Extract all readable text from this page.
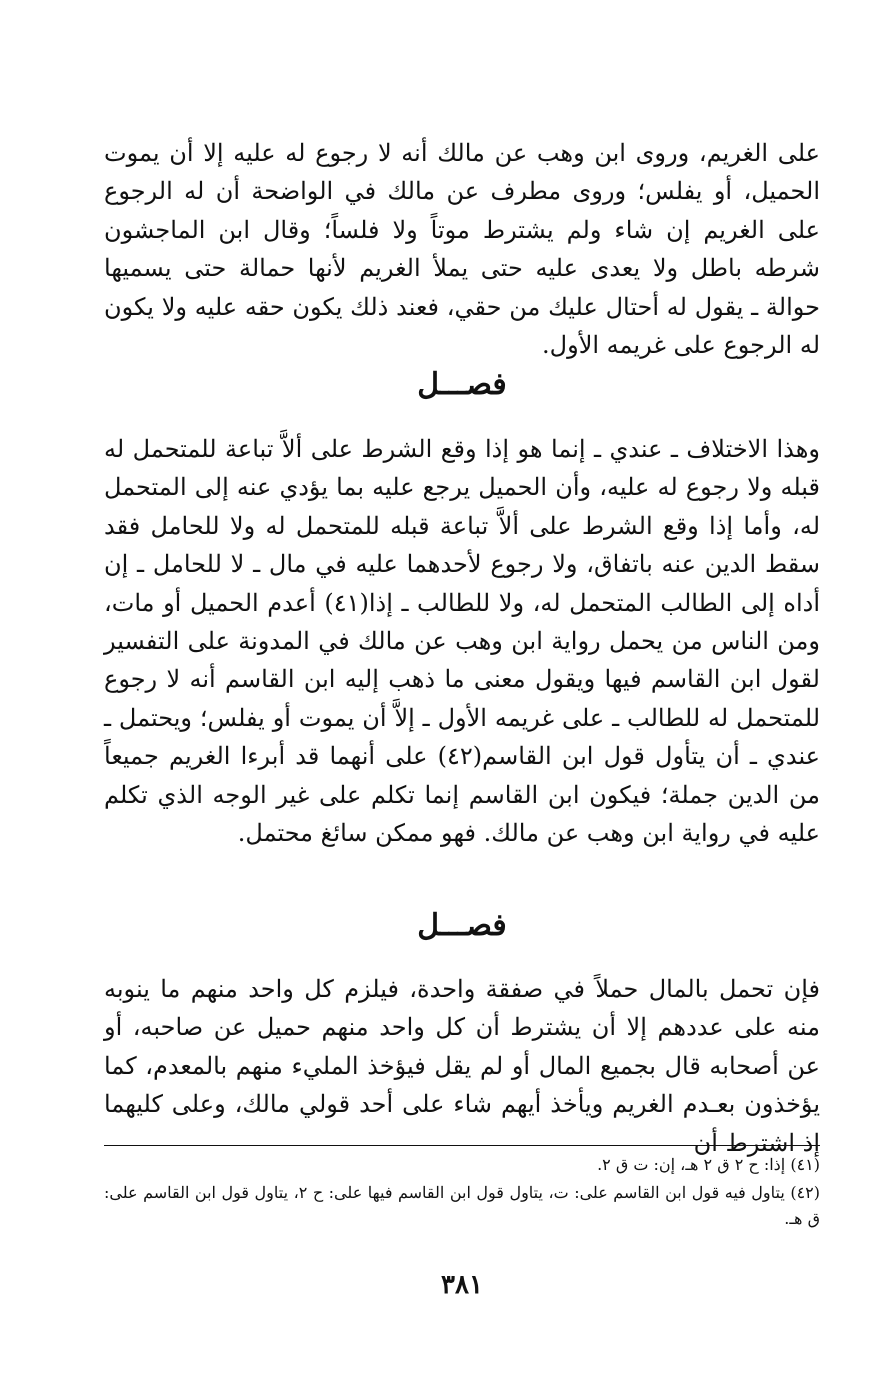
على الغريم، وروى ابن وهب عن مالك أنه لا رجوع له عليه إلا أن يموت الحميل، أو يفلس؛ وروى مطرف عن مالك في الواضحة أن له الرجوع على الغريم إن شاء ولم يشترط موتاً ولا فلساً؛ وقال ابن الماجشون شرطه باطل ولا يعدى عليه حتى يملأ الغريم لأنها حمالة حتى يسميها حوالة ـ يقول له أحتال عليك من حقي، فعند ذلك يكون حقه عليه ولا يكون له الرجوع على غريمه الأول.

فصـــل

وهذا الاختلاف ـ عندي ـ إنما هو إذا وقع الشرط على ألاَّ تباعة للمتحمل له قبله ولا رجوع له عليه، وأن الحميل يرجع عليه بما يؤدي عنه إلى المتحمل له، وأما إذا وقع الشرط على ألاَّ تباعة قبله للمتحمل له ولا للحامل فقد سقط الدين عنه باتفاق، ولا رجوع لأحدهما عليه في مال ـ لا للحامل ـ إن أداه إلى الطالب المتحمل له، ولا للطالب ـ إذا(٤١) أعدم الحميل أو مات، ومن الناس من يحمل رواية ابن وهب عن مالك في المدونة على التفسير لقول ابن القاسم فيها ويقول معنى ما ذهب إليه ابن القاسم أنه لا رجوع للمتحمل له للطالب ـ على غريمه الأول ـ إلاَّ أن يموت أو يفلس؛ ويحتمل ـ عندي ـ أن يتأول قول ابن القاسم(٤٢) على أنهما قد أبرءا الغريم جميعاً من الدين جملة؛ فيكون ابن القاسم إنما تكلم على غير الوجه الذي تكلم عليه في رواية ابن وهب عن مالك. فهو ممكن سائغ محتمل.

فصـــل

فإن تحمل بالمال حملاً في صفقة واحدة، فيلزم كل واحد منهم ما ينوبه منه على عددهم إلا أن يشترط أن كل واحد منهم حميل عن صاحبه، أو عن أصحابه قال بجميع المال أو لم يقل فيؤخذ المليء منهم بالمعدم، كما يؤخذون بعـدم الغريم ويأخذ أيهم شاء على أحد قولي مالك، وعلى كليهما إذ اشترط أن

(٤١) إذا: ح ٢ ق ٢ هـ، إن: ت ق ٢.

(٤٢) يتاول فيه قول ابن القاسم على: ت، يتاول قول ابن القاسم فيها على: ح ٢، يتاول قول ابن القاسم على: ق هـ.

٣٨١
